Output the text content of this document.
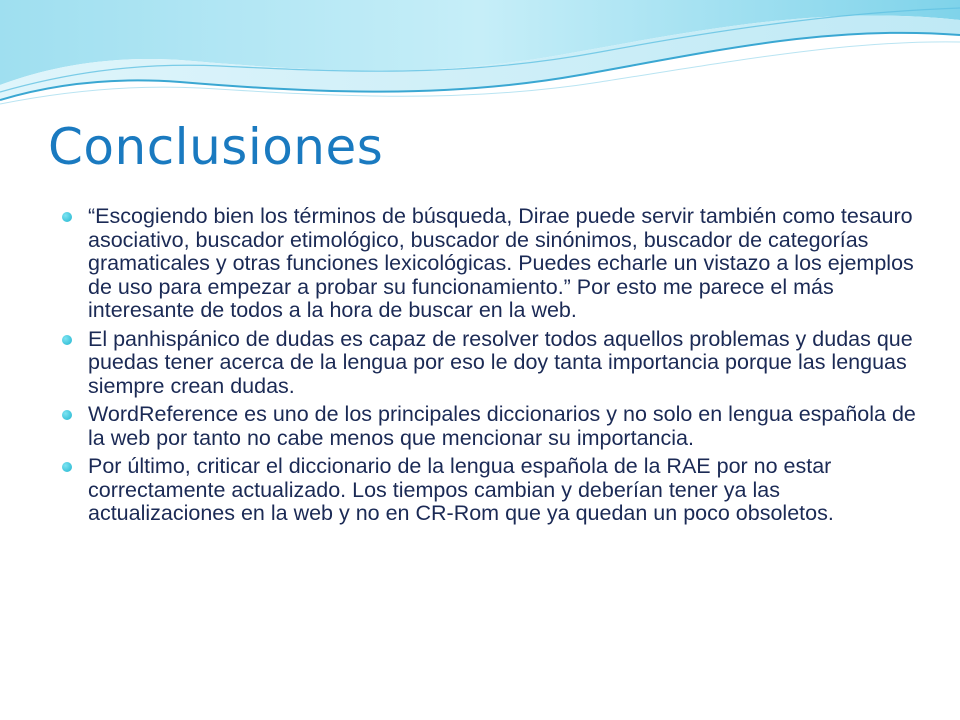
Conclusiones
“Escogiendo bien los términos de búsqueda, Dirae puede servir también como tesauro asociativo, buscador etimológico, buscador de sinónimos, buscador de categorías gramaticales y otras funciones lexicológicas. Puedes echarle un vistazo a los ejemplos de uso para empezar a probar su funcionamiento.” Por esto me parece el más interesante de todos a la hora de buscar en la web.
El panhispánico de dudas es capaz de resolver todos aquellos problemas y dudas que puedas tener acerca de la lengua por eso le doy tanta importancia porque las lenguas siempre crean dudas.
WordReference es uno de los principales diccionarios y no solo en lengua española de la web por tanto no cabe menos que mencionar su importancia.
Por último, criticar el diccionario de la lengua española de la RAE por no estar correctamente actualizado. Los tiempos cambian y deberían tener ya las actualizaciones en la web y no en CR-Rom que ya quedan un poco obsoletos.
